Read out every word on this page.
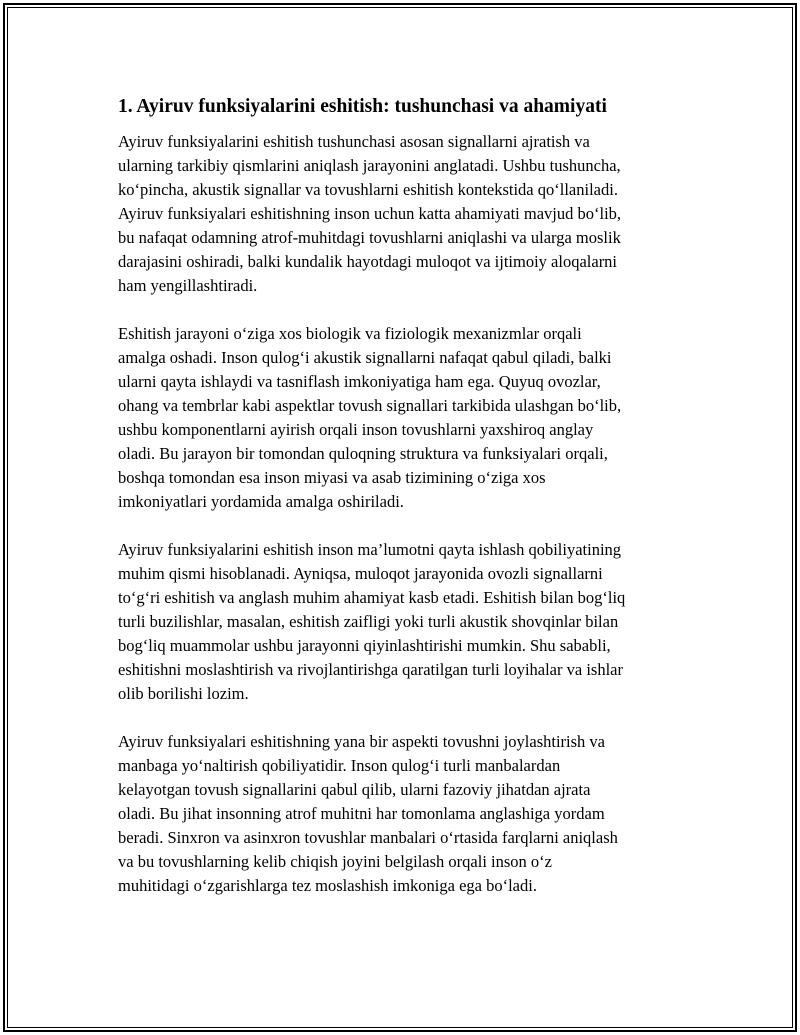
1. Ayiruv funksiyalarini eshitish: tushunchasi va ahamiyati
Ayiruv funksiyalarini eshitish tushunchasi asosan signallarni ajratish va
ularning tarkibiy qismlarini aniqlash jarayonini anglatadi. Ushbu tushuncha,
ko‘pincha, akustik signallar va tovushlarni eshitish kontekstida qo‘llaniladi.
Ayiruv funksiyalari eshitishning inson uchun katta ahamiyati mavjud bo‘lib,
bu nafaqat odamning atrof-muhitdagi tovushlarni aniqlashi va ularga moslik
darajasini oshiradi, balki kundalik hayotdagi muloqot va ijtimoiy aloqalarni
ham yengillashtiradi.
Eshitish jarayoni o‘ziga xos biologik va fiziologik mexanizmlar orqali
amalga oshadi. Inson qulog‘i akustik signallarni nafaqat qabul qiladi, balki
ularni qayta ishlaydi va tasniflash imkoniyatiga ham ega. Quyuq ovozlar,
ohang va tembrlar kabi aspektlar tovush signallari tarkibida ulashgan bo‘lib,
ushbu komponentlarni ayirish orqali inson tovushlarni yaxshiroq anglay
oladi. Bu jarayon bir tomondan quloqning struktura va funksiyalari orqali,
boshqa tomondan esa inson miyasi va asab tizimining o‘ziga xos
imkoniyatlari yordamida amalga oshiriladi.
Ayiruv funksiyalarini eshitish inson ma’lumotni qayta ishlash qobiliyatining
muhim qismi hisoblanadi. Ayniqsa, muloqot jarayonida ovozli signallarni
to‘g‘ri eshitish va anglash muhim ahamiyat kasb etadi. Eshitish bilan bog‘liq
turli buzilishlar, masalan, eshitish zaifligi yoki turli akustik shovqinlar bilan
bog‘liq muammolar ushbu jarayonni qiyinlashtirishi mumkin. Shu sababli,
eshitishni moslashtirish va rivojlantirishga qaratilgan turli loyihalar va ishlar
olib borilishi lozim.
Ayiruv funksiyalari eshitishning yana bir aspekti tovushni joylashtirish va
manbaga yo‘naltirish qobiliyatidir. Inson qulog‘i turli manbalardan
kelayotgan tovush signallarini qabul qilib, ularni fazoviy jihatdan ajrata
oladi. Bu jihat insonning atrof muhitni har tomonlama anglashiga yordam
beradi. Sinxron va asinxron tovushlar manbalari o‘rtasida farqlarni aniqlash
va bu tovushlarning kelib chiqish joyini belgilash orqali inson o‘z
muhitidagi o‘zgarishlarga tez moslashish imkoniga ega bo‘ladi.
